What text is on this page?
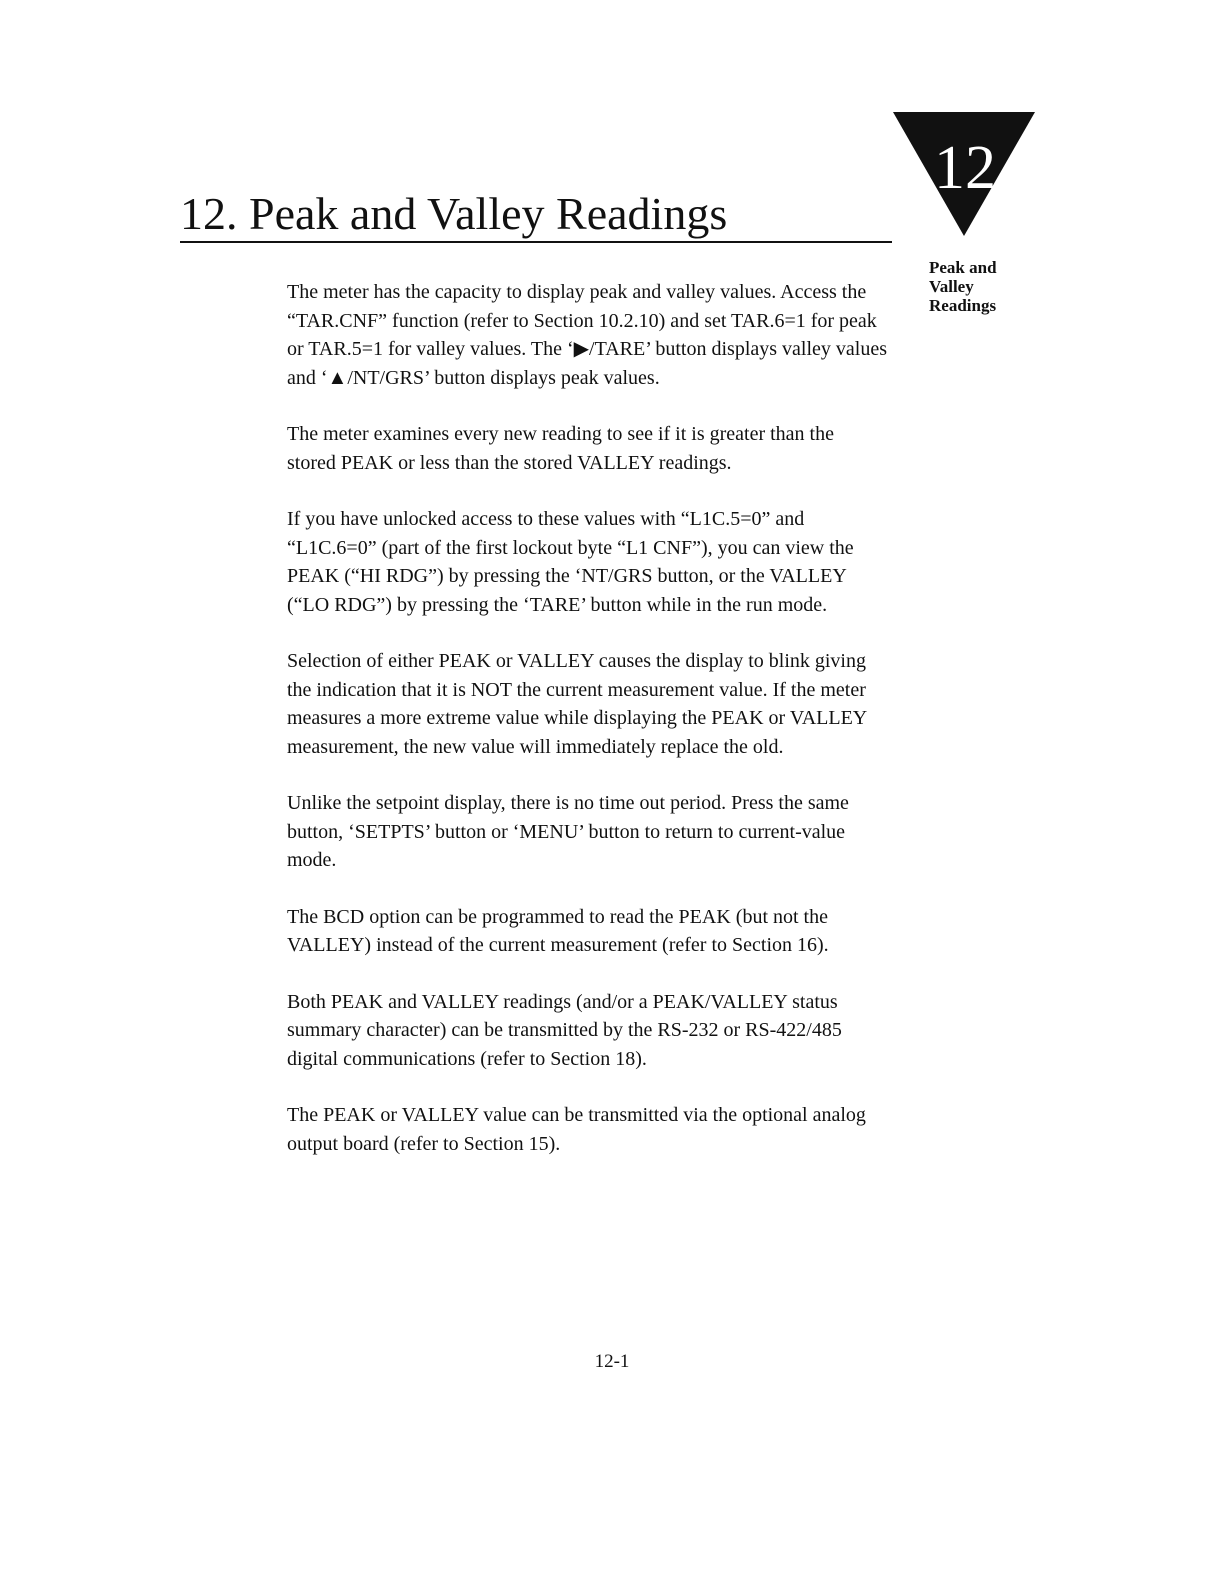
12
12. Peak and Valley Readings
Peak and
Valley
Readings

The meter has the capacity to display peak and valley values. Access the “TAR.CNF” function (refer to Section 10.2.10) and set TAR.6=1 for peak or TAR.5=1 for valley values. The ‘▶/TARE’ button displays valley values and ‘▲/NT/GRS’ button displays peak values.

The meter examines every new reading to see if it is greater than the stored PEAK or less than the stored VALLEY readings.

If you have unlocked access to these values with “L1C.5=0” and “L1C.6=0” (part of the first lockout byte “L1 CNF”), you can view the PEAK (“HI RDG”) by pressing the ‘NT/GRS button, or the VALLEY (“LO RDG”) by pressing the ‘TARE’ button while in the run mode.

Selection of either PEAK or VALLEY causes the display to blink giving the indication that it is NOT the current measurement value. If the meter measures a more extreme value while displaying the PEAK or VALLEY measurement, the new value will immediately replace the old.

Unlike the setpoint display, there is no time out period. Press the same button, ‘SETPTS’ button or ‘MENU’ button to return to current-value mode.

The BCD option can be programmed to read the PEAK (but not the VALLEY) instead of the current measurement (refer to Section 16).

Both PEAK and VALLEY readings (and/or a PEAK/VALLEY status summary character) can be transmitted by the RS-232 or RS-422/485 digital communications (refer to Section 18).

The PEAK or VALLEY value can be transmitted via the optional analog output board (refer to Section 15).

12-1
